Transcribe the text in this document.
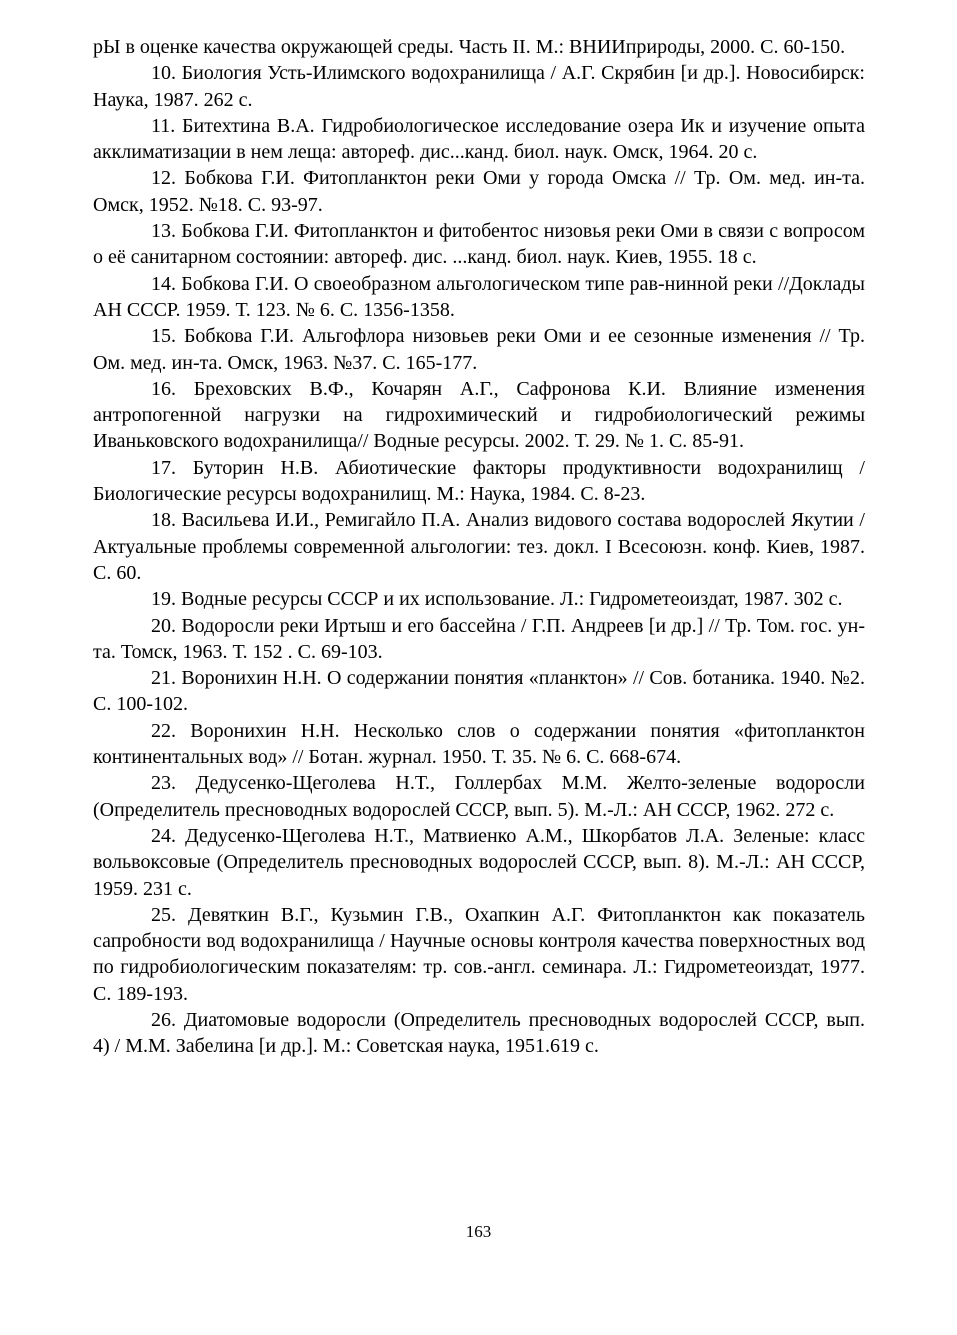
рЫ в оценке качества окружающей среды. Часть II. М.: ВНИИприроды, 2000. С. 60-150.

10. Биология Усть-Илимского водохранилища / А.Г. Скрябин [и др.]. Новосибирск: Наука, 1987. 262 с.

11. Битехтина В.А. Гидробиологическое исследование озера Ик и изучение опыта акклиматизации в нем леща: автореф. дис...канд. биол. наук. Омск, 1964. 20 с.

12. Бобкова Г.И. Фитопланктон реки Оми у города Омска // Тр. Ом. мед. ин-та. Омск, 1952. №18. С. 93-97.

13. Бобкова Г.И. Фитопланктон и фитобентос низовья реки Оми в связи с вопросом о её санитарном состоянии: автореф. дис. ...канд. биол. наук. Киев, 1955. 18 с.

14. Бобкова Г.И. О своеобразном альгологическом типе рав-нинной реки //Доклады АН СССР. 1959. Т. 123. № 6. С. 1356-1358.

15. Бобкова Г.И. Альгофлора низовьев реки Оми и ее сезонные изменения // Тр. Ом. мед. ин-та. Омск, 1963. №37. С. 165-177.

16. Бреховских В.Ф., Кочарян А.Г., Сафронова К.И. Влияние изменения антропогенной нагрузки на гидрохимический и гидробиологический режимы Иваньковского водохранилища// Водные ресурсы. 2002. Т. 29. № 1. С. 85-91.

17. Буторин Н.В. Абиотические факторы продуктивности водохранилищ / Биологические ресурсы водохранилищ. М.: Наука, 1984. С. 8-23.

18. Васильева И.И., Ремигайло П.А. Анализ видового состава водорослей Якутии / Актуальные проблемы современной альгологии: тез. докл. I Всесоюзн. конф. Киев, 1987. С. 60.

19. Водные ресурсы СССР и их использование. Л.: Гидрометеоиздат, 1987. 302 с.

20. Водоросли реки Иртыш и его бассейна / Г.П. Андреев [и др.] // Тр. Том. гос. ун-та. Томск, 1963. Т. 152 . С. 69-103.

21. Воронихин Н.Н. О содержании понятия «планктон» // Сов. ботаника. 1940. №2. С. 100-102.

22. Воронихин Н.Н. Несколько слов о содержании понятия «фитопланктон континентальных вод» // Ботан. журнал. 1950. Т. 35. № 6. С. 668-674.

23. Дедусенко-Щеголева Н.Т., Голлербах М.М. Желто-зеленые водоросли (Определитель пресноводных водорослей СССР, вып. 5). М.-Л.: АН СССР, 1962. 272 с.

24. Дедусенко-Щеголева Н.Т., Матвиенко А.М., Шкорбатов Л.А. Зеленые: класс вольвоксовые (Определитель пресноводных водорослей СССР, вып. 8). М.-Л.: АН СССР, 1959. 231 с.

25. Девяткин В.Г., Кузьмин Г.В., Охапкин А.Г. Фитопланктон как показатель сапробности вод водохранилища / Научные основы контроля качества поверхностных вод по гидробиологическим показателям: тр. сов.-англ. семинара. Л.: Гидрометеоиздат, 1977. С. 189-193.

26. Диатомовые водоросли (Определитель пресноводных водорослей СССР, вып. 4) / М.М. Забелина [и др.]. М.: Советская наука, 1951.619 с.

163
